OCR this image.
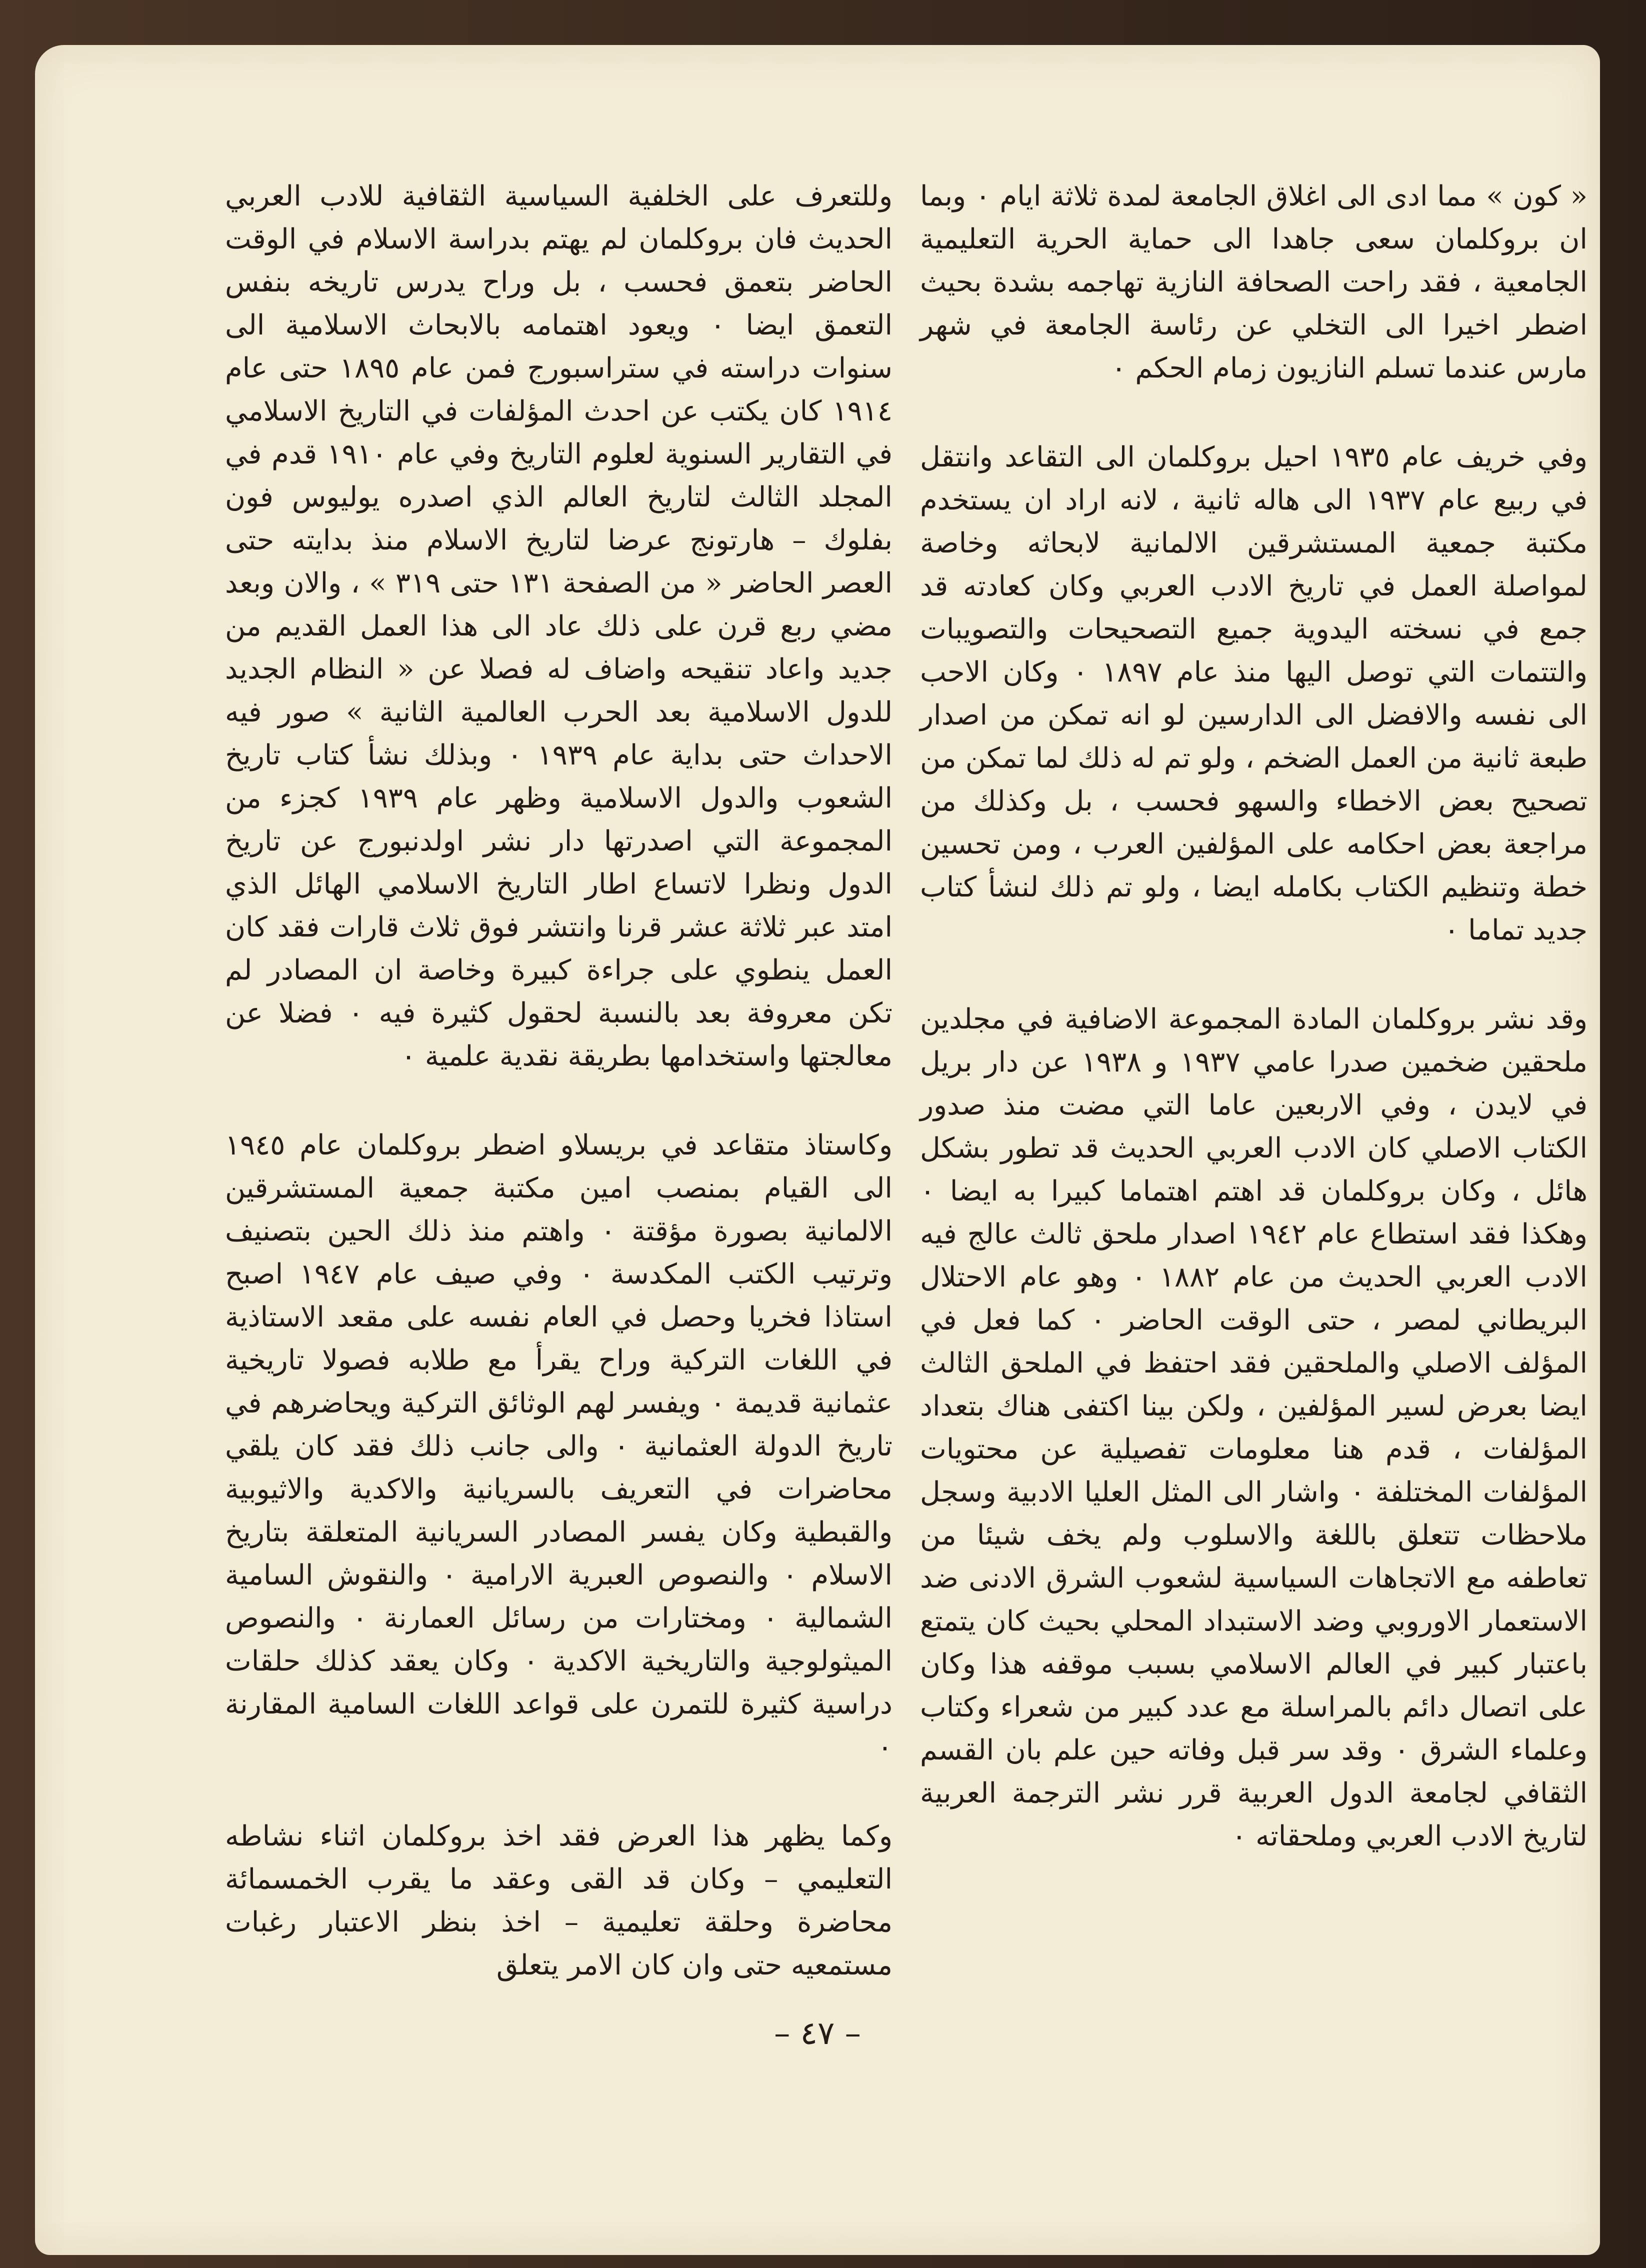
« كون » مما ادى الى اغلاق الجامعة لمدة ثلاثة ايام ٠ وبما ان بروكلمان سعى جاهدا الى حماية الحرية التعليمية الجامعية ، فقد راحت الصحافة النازية تهاجمه بشدة بحيث اضطر اخيرا الى التخلي عن رئاسة الجامعة في شهر مارس عندما تسلم النازيون زمام الحكم ٠

وفي خريف عام ١٩٣٥ احيل بروكلمان الى التقاعد وانتقل في ربيع عام ١٩٣٧ الى هاله ثانية ، لانه اراد ان يستخدم مكتبة جمعية المستشرقين الالمانية لابحاثه وخاصة لمواصلة العمل في تاريخ الادب العربي وكان كعادته قد جمع في نسخته اليدوية جميع التصحيحات والتصويبات والتتمات التي توصل اليها منذ عام ١٨٩٧ ٠ وكان الاحب الى نفسه والافضل الى الدارسين لو انه تمكن من اصدار طبعة ثانية من العمل الضخم ، ولو تم له ذلك لما تمكن من تصحيح بعض الاخطاء والسهو فحسب ، بل وكذلك من مراجعة بعض احكامه على المؤلفين العرب ، ومن تحسين خطة وتنظيم الكتاب بكامله ايضا ، ولو تم ذلك لنشأ كتاب جديد تماما ٠

وقد نشر بروكلمان المادة المجموعة الاضافية في مجلدين ملحقين ضخمين صدرا عامي ١٩٣٧ و ١٩٣٨ عن دار بريل في لايدن ، وفي الاربعين عاما التي مضت منذ صدور الكتاب الاصلي كان الادب العربي الحديث قد تطور بشكل هائل ، وكان بروكلمان قد اهتم اهتماما كبيرا به ايضا ٠ وهكذا فقد استطاع عام ١٩٤٢ اصدار ملحق ثالث عالج فيه الادب العربي الحديث من عام ١٨٨٢ ٠ وهو عام الاحتلال البريطاني لمصر ، حتى الوقت الحاضر ٠ كما فعل في المؤلف الاصلي والملحقين فقد احتفظ في الملحق الثالث ايضا بعرض لسير المؤلفين ، ولكن بينا اكتفى هناك بتعداد المؤلفات ، قدم هنا معلومات تفصيلية عن محتويات المؤلفات المختلفة ٠ واشار الى المثل العليا الادبية وسجل ملاحظات تتعلق باللغة والاسلوب ولم يخف شيئا من تعاطفه مع الاتجاهات السياسية لشعوب الشرق الادنى ضد الاستعمار الاوروبي وضد الاستبداد المحلي بحيث كان يتمتع باعتبار كبير في العالم الاسلامي بسبب موقفه هذا وكان على اتصال دائم بالمراسلة مع عدد كبير من شعراء وكتاب وعلماء الشرق ٠ وقد سر قبل وفاته حين علم بان القسم الثقافي لجامعة الدول العربية قرر نشر الترجمة العربية لتاريخ الادب العربي وملحقاته ٠

وللتعرف على الخلفية السياسية الثقافية للادب العربي الحديث فان بروكلمان لم يهتم بدراسة الاسلام في الوقت الحاضر بتعمق فحسب ، بل وراح يدرس تاريخه بنفس التعمق ايضا ٠ ويعود اهتمامه بالابحاث الاسلامية الى سنوات دراسته في ستراسبورج فمن عام ١٨٩٥ حتى عام ١٩١٤ كان يكتب عن احدث المؤلفات في التاريخ الاسلامي في التقارير السنوية لعلوم التاريخ وفي عام ١٩١٠ قدم في المجلد الثالث لتاريخ العالم الذي اصدره يوليوس فون بفلوك – هارتونج عرضا لتاريخ الاسلام منذ بدايته حتى العصر الحاضر « من الصفحة ١٣١ حتى ٣١٩ » ، والان وبعد مضي ربع قرن على ذلك عاد الى هذا العمل القديم من جديد واعاد تنقيحه واضاف له فصلا عن « النظام الجديد للدول الاسلامية بعد الحرب العالمية الثانية » صور فيه الاحداث حتى بداية عام ١٩٣٩ ٠ وبذلك نشأ كتاب تاريخ الشعوب والدول الاسلامية وظهر عام ١٩٣٩ كجزء من المجموعة التي اصدرتها دار نشر اولدنبورج عن تاريخ الدول ونظرا لاتساع اطار التاريخ الاسلامي الهائل الذي امتد عبر ثلاثة عشر قرنا وانتشر فوق ثلاث قارات فقد كان العمل ينطوي على جراءة كبيرة وخاصة ان المصادر لم تكن معروفة بعد بالنسبة لحقول كثيرة فيه ٠ فضلا عن معالجتها واستخدامها بطريقة نقدية علمية ٠

وكاستاذ متقاعد في بريسلاو اضطر بروكلمان عام ١٩٤٥ الى القيام بمنصب امين مكتبة جمعية المستشرقين الالمانية بصورة مؤقتة ٠ واهتم منذ ذلك الحين بتصنيف وترتيب الكتب المكدسة ٠ وفي صيف عام ١٩٤٧ اصبح استاذا فخريا وحصل في العام نفسه على مقعد الاستاذية في اللغات التركية وراح يقرأ مع طلابه فصولا تاريخية عثمانية قديمة ٠ ويفسر لهم الوثائق التركية ويحاضرهم في تاريخ الدولة العثمانية ٠ والى جانب ذلك فقد كان يلقي محاضرات في التعريف بالسريانية والاكدية والاثيوبية والقبطية وكان يفسر المصادر السريانية المتعلقة بتاريخ الاسلام ٠ والنصوص العبرية الارامية ٠ والنقوش السامية الشمالية ٠ ومختارات من رسائل العمارنة ٠ والنصوص الميثولوجية والتاريخية الاكدية ٠ وكان يعقد كذلك حلقات دراسية كثيرة للتمرن على قواعد اللغات السامية المقارنة ٠

وكما يظهر هذا العرض فقد اخذ بروكلمان اثناء نشاطه التعليمي – وكان قد القى وعقد ما يقرب الخمسمائة محاضرة وحلقة تعليمية – اخذ بنظر الاعتبار رغبات مستمعيه حتى وان كان الامر يتعلق

– ٤٧ –
